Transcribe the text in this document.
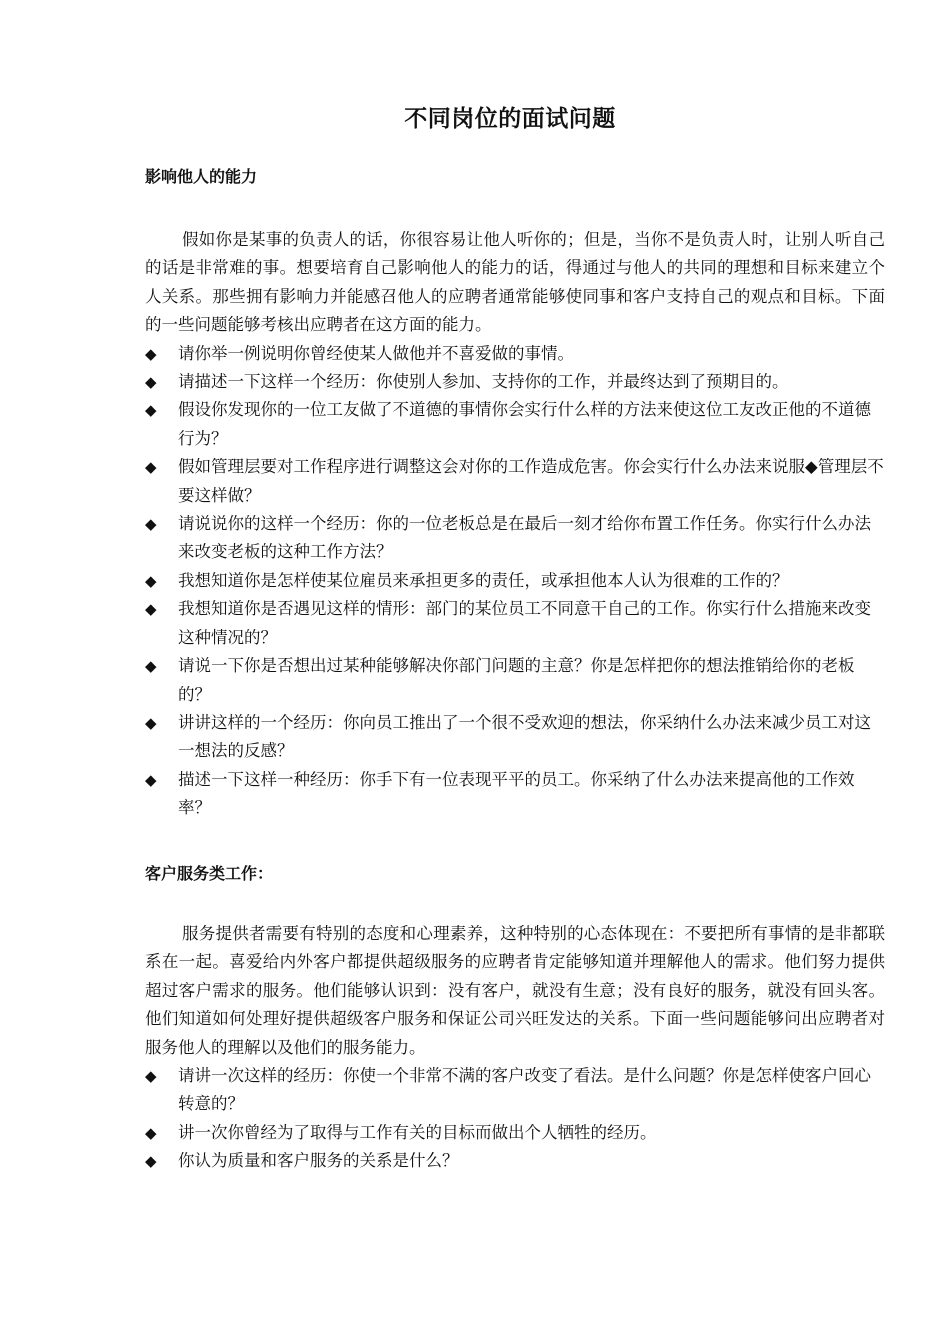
不同岗位的面试问题
影响他人的能力

假如你是某事的负责人的话，你很容易让他人听你的；但是，当你不是负责人时，让别人听自己的话是非常难的事。想要培育自己影响他人的能力的话，得通过与他人的共同的理想和目标来建立个人关系。那些拥有影响力并能感召他人的应聘者通常能够使同事和客户支持自己的观点和目标。下面的一些问题能够考核出应聘者在这方面的能力。

◆ 请你举一例说明你曾经使某人做他并不喜爱做的事情。
◆ 请描述一下这样一个经历：你使别人参加、支持你的工作，并最终达到了预期目的。
◆ 假设你发现你的一位工友做了不道德的事情你会实行什么样的方法来使这位工友改正他的不道德行为？
◆ 假如管理层要对工作程序进行调整这会对你的工作造成危害。你会实行什么办法来说服◆管理层不要这样做？
◆ 请说说你的这样一个经历：你的一位老板总是在最后一刻才给你布置工作任务。你实行什么办法来改变老板的这种工作方法？
◆ 我想知道你是怎样使某位雇员来承担更多的责任，或承担他本人认为很难的工作的？
◆ 我想知道你是否遇见这样的情形：部门的某位员工不同意干自己的工作。你实行什么措施来改变这种情况的？
◆ 请说一下你是否想出过某种能够解决你部门问题的主意？你是怎样把你的想法推销给你的老板的？
◆ 讲讲这样的一个经历：你向员工推出了一个很不受欢迎的想法，你采纳什么办法来减少员工对这一想法的反感？
◆ 描述一下这样一种经历：你手下有一位表现平平的员工。你采纳了什么办法来提高他的工作效率？
客户服务类工作：

服务提供者需要有特别的态度和心理素养，这种特别的心态体现在：不要把所有事情的是非都联系在一起。喜爱给内外客户都提供超级服务的应聘者肯定能够知道并理解他人的需求。他们努力提供超过客户需求的服务。他们能够认识到：没有客户，就没有生意；没有良好的服务，就没有回头客。他们知道如何处理好提供超级客户服务和保证公司兴旺发达的关系。下面一些问题能够问出应聘者对服务他人的理解以及他们的服务能力。

◆ 请讲一次这样的经历：你使一个非常不满的客户改变了看法。是什么问题？你是怎样使客户回心转意的？
◆ 讲一次你曾经为了取得与工作有关的目标而做出个人牺牲的经历。
◆ 你认为质量和客户服务的关系是什么？
